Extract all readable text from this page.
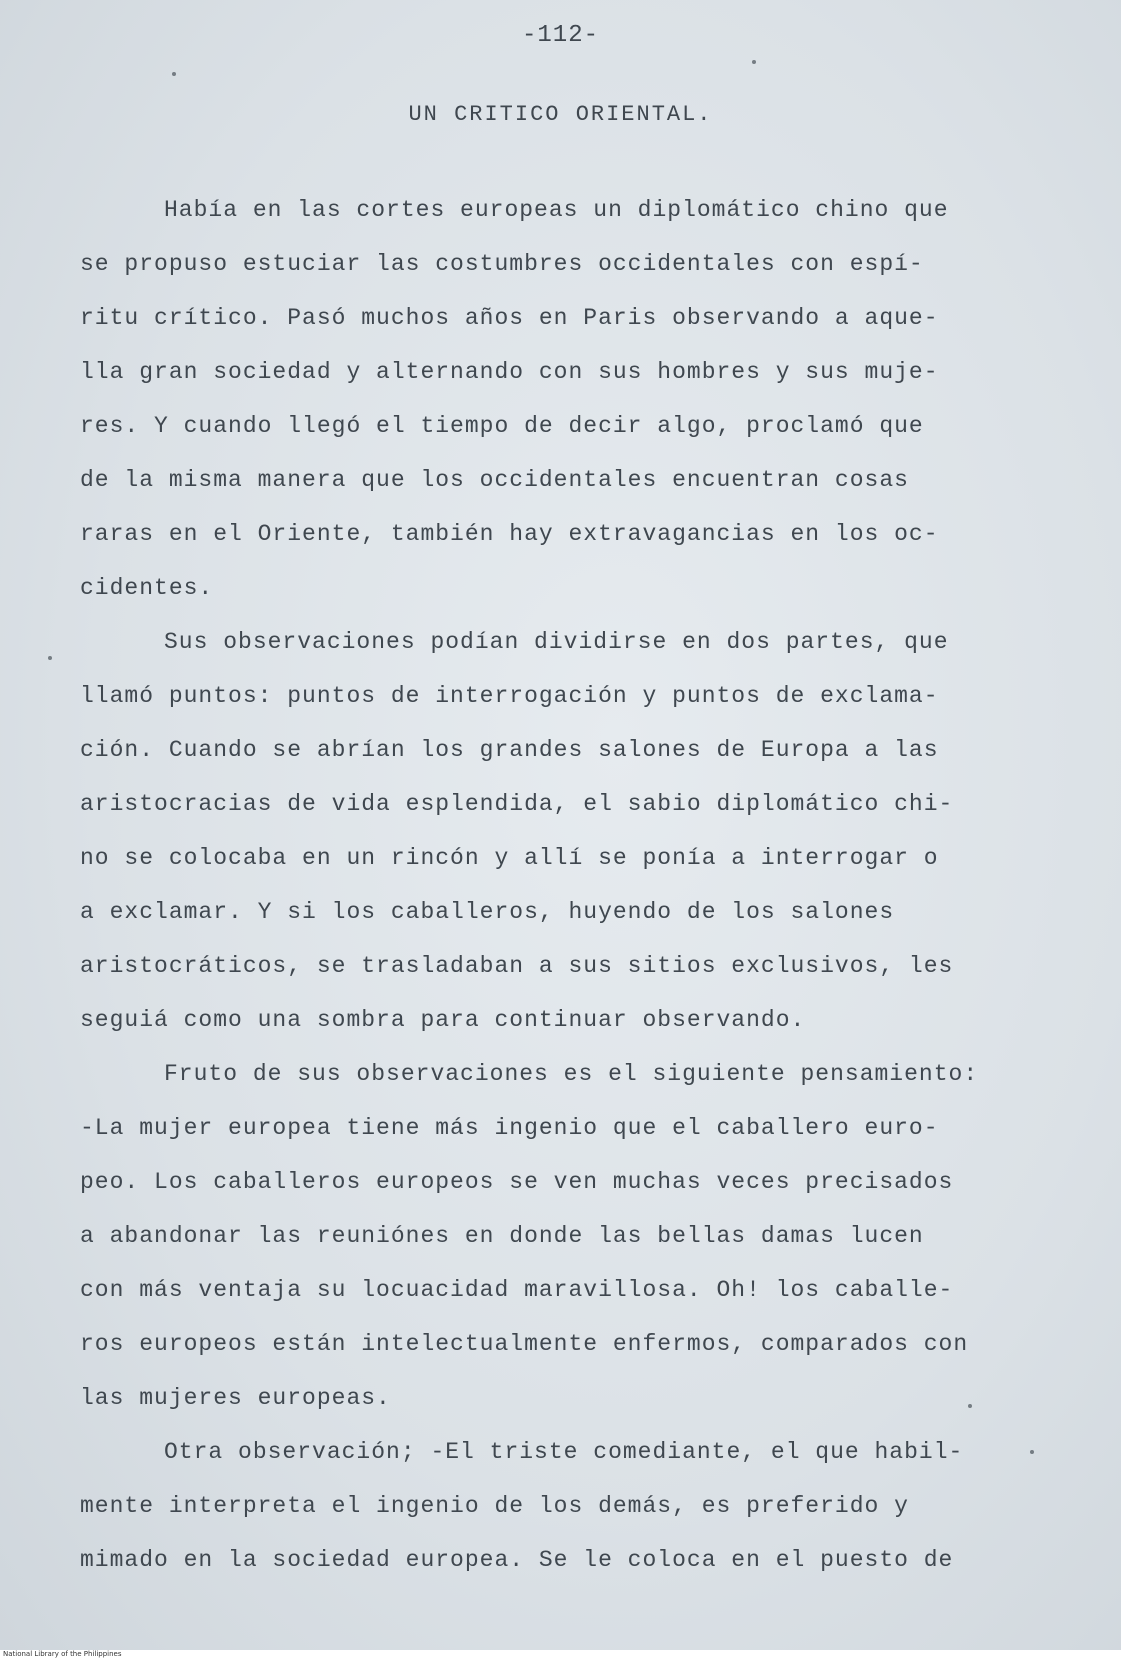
-112-
UN CRITICO ORIENTAL.
Había en las cortes europeas un diplomático chino que
se propuso estuciar las costumbres occidentales con espí-
ritu crítico. Pasó muchos años en Paris observando a aque-
lla gran sociedad y alternando con sus hombres y sus muje-
res. Y cuando llegó el tiempo de decir algo, proclamó que
de la misma manera que los occidentales encuentran cosas
raras en el Oriente, también hay extravagancias en los oc-
cidentes.
Sus observaciones podían dividirse en dos partes, que
llamó puntos: puntos de interrogación y puntos de exclama-
ción. Cuando se abrían los grandes salones de Europa a las
aristocracias de vida esplendida, el sabio diplomático chi-
no se colocaba en un rincón y allí se ponía a interrogar o
a exclamar. Y si los caballeros, huyendo de los salones
aristocráticos, se trasladaban a sus sitios exclusivos, les
seguiá como una sombra para continuar observando.
Fruto de sus observaciones es el siguiente pensamiento:
-La mujer europea tiene más ingenio que el caballero euro-
peo. Los caballeros europeos se ven muchas veces precisados
a abandonar las reuniónes en donde las bellas damas lucen
con más ventaja su locuacidad maravillosa. Oh! los caballe-
ros europeos están intelectualmente enfermos, comparados con
las mujeres europeas.
Otra observación; -El triste comediante, el que habil-
mente interpreta el ingenio de los demás, es preferido y
mimado en la sociedad europea. Se le coloca en el puesto de
National Library of the Philippines
